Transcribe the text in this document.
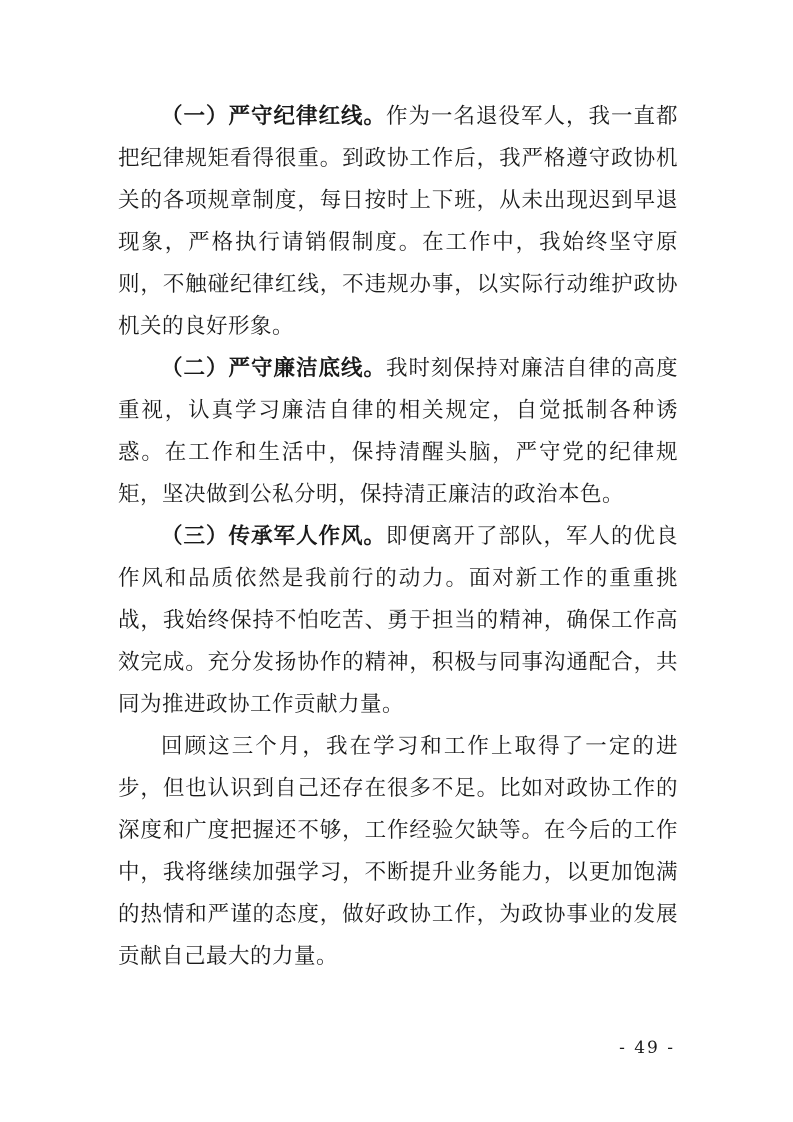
（一）严守纪律红线。作为一名退役军人，我一直都把纪律规矩看得很重。到政协工作后，我严格遵守政协机关的各项规章制度，每日按时上下班，从未出现迟到早退现象，严格执行请销假制度。在工作中，我始终坚守原则，不触碰纪律红线，不违规办事，以实际行动维护政协机关的良好形象。

（二）严守廉洁底线。我时刻保持对廉洁自律的高度重视，认真学习廉洁自律的相关规定，自觉抵制各种诱惑。在工作和生活中，保持清醒头脑，严守党的纪律规矩，坚决做到公私分明，保持清正廉洁的政治本色。

（三）传承军人作风。即便离开了部队，军人的优良作风和品质依然是我前行的动力。面对新工作的重重挑战，我始终保持不怕吃苦、勇于担当的精神，确保工作高效完成。充分发扬协作的精神，积极与同事沟通配合，共同为推进政协工作贡献力量。

回顾这三个月，我在学习和工作上取得了一定的进步，但也认识到自己还存在很多不足。比如对政协工作的深度和广度把握还不够，工作经验欠缺等。在今后的工作中，我将继续加强学习，不断提升业务能力，以更加饱满的热情和严谨的态度，做好政协工作，为政协事业的发展贡献自己最大的力量。

- 49 -
